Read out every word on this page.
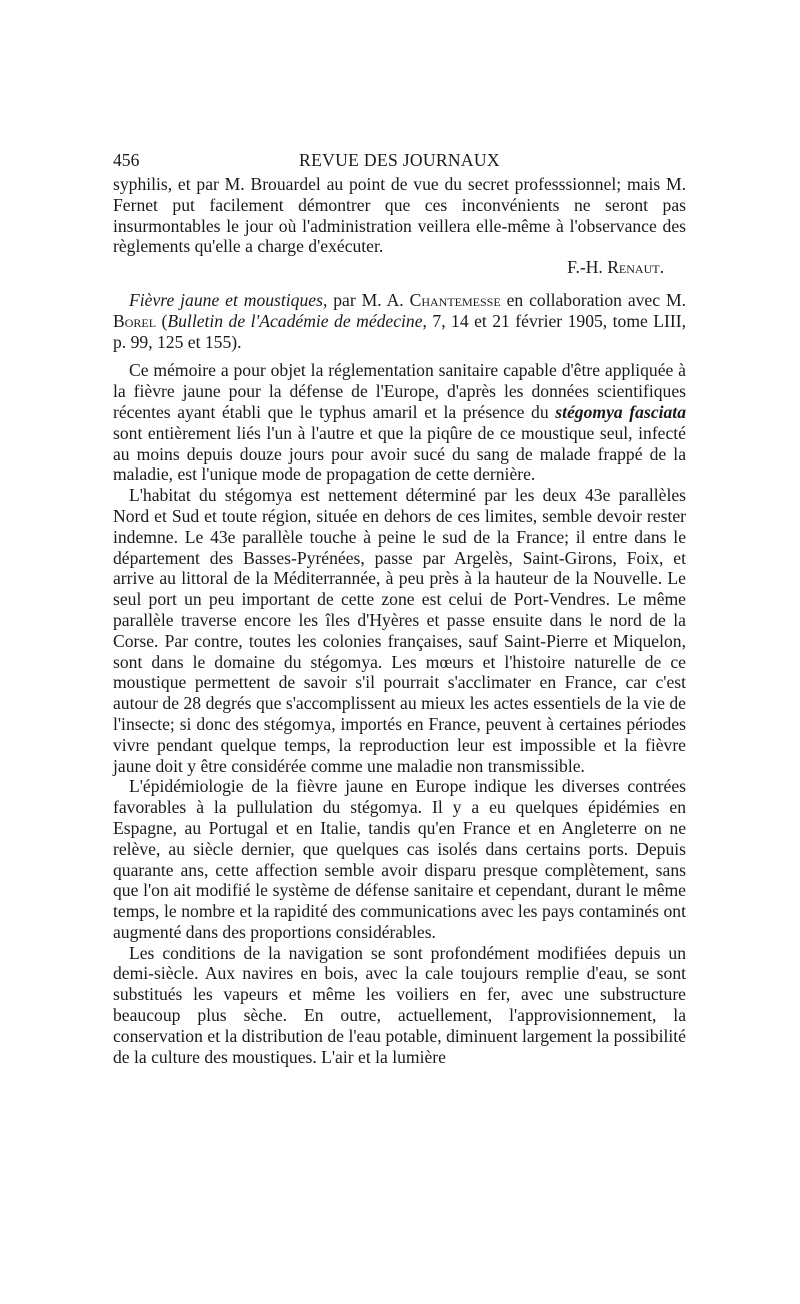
456	REVUE DES JOURNAUX

syphilis, et par M. Brouardel au point de vue du secret professsionnel; mais M. Fernet put facilement démontrer que ces inconvénients ne seront pas insurmontables le jour où l'administration veillera elle-même à l'observance des règlements qu'elle a charge d'exécuter.

F.-H. Renaut.

Fièvre jaune et moustiques, par M. A. Chantemesse en collaboration avec M. Borel (Bulletin de l'Académie de médecine, 7, 14 et 21 février 1905, tome LIII, p. 99, 125 et 155).

Ce mémoire a pour objet la réglementation sanitaire capable d'être appliquée à la fièvre jaune pour la défense de l'Europe, d'après les données scientifiques récentes ayant établi que le typhus amaril et la présence du stégomya fasciata sont entièrement liés l'un à l'autre et que la piqûre de ce moustique seul, infecté au moins depuis douze jours pour avoir sucé du sang de malade frappé de la maladie, est l'unique mode de propagation de cette dernière.

L'habitat du stégomya est nettement déterminé par les deux 43e parallèles Nord et Sud et toute région, située en dehors de ces limites, semble devoir rester indemne. Le 43e parallèle touche à peine le sud de la France; il entre dans le département des Basses-Pyrénées, passe par Argelès, Saint-Girons, Foix, et arrive au littoral de la Méditerrannée, à peu près à la hauteur de la Nouvelle. Le seul port un peu important de cette zone est celui de Port-Vendres. Le même parallèle traverse encore les îles d'Hyères et passe ensuite dans le nord de la Corse. Par contre, toutes les colonies françaises, sauf Saint-Pierre et Miquelon, sont dans le domaine du stégomya. Les mœurs et l'histoire naturelle de ce moustique permettent de savoir s'il pourrait s'acclimater en France, car c'est autour de 28 degrés que s'accomplissent au mieux les actes essentiels de la vie de l'insecte; si donc des stégomya, importés en France, peuvent à certaines périodes vivre pendant quelque temps, la reproduction leur est impossible et la fièvre jaune doit y être considérée comme une maladie non transmissible.

L'épidémiologie de la fièvre jaune en Europe indique les diverses contrées favorables à la pullulation du stégomya. Il y a eu quelques épidémies en Espagne, au Portugal et en Italie, tandis qu'en France et en Angleterre on ne relève, au siècle dernier, que quelques cas isolés dans certains ports. Depuis quarante ans, cette affection semble avoir disparu presque complètement, sans que l'on ait modifié le système de défense sanitaire et cependant, durant le même temps, le nombre et la rapidité des communications avec les pays contaminés ont augmenté dans des proportions considérables.

Les conditions de la navigation se sont profondément modifiées depuis un demi-siècle. Aux navires en bois, avec la cale toujours remplie d'eau, se sont substitués les vapeurs et même les voiliers en fer, avec une substructure beaucoup plus sèche. En outre, actuellement, l'approvisionnement, la conservation et la distribution de l'eau potable, diminuent largement la possibilité de la culture des moustiques. L'air et la lumière
